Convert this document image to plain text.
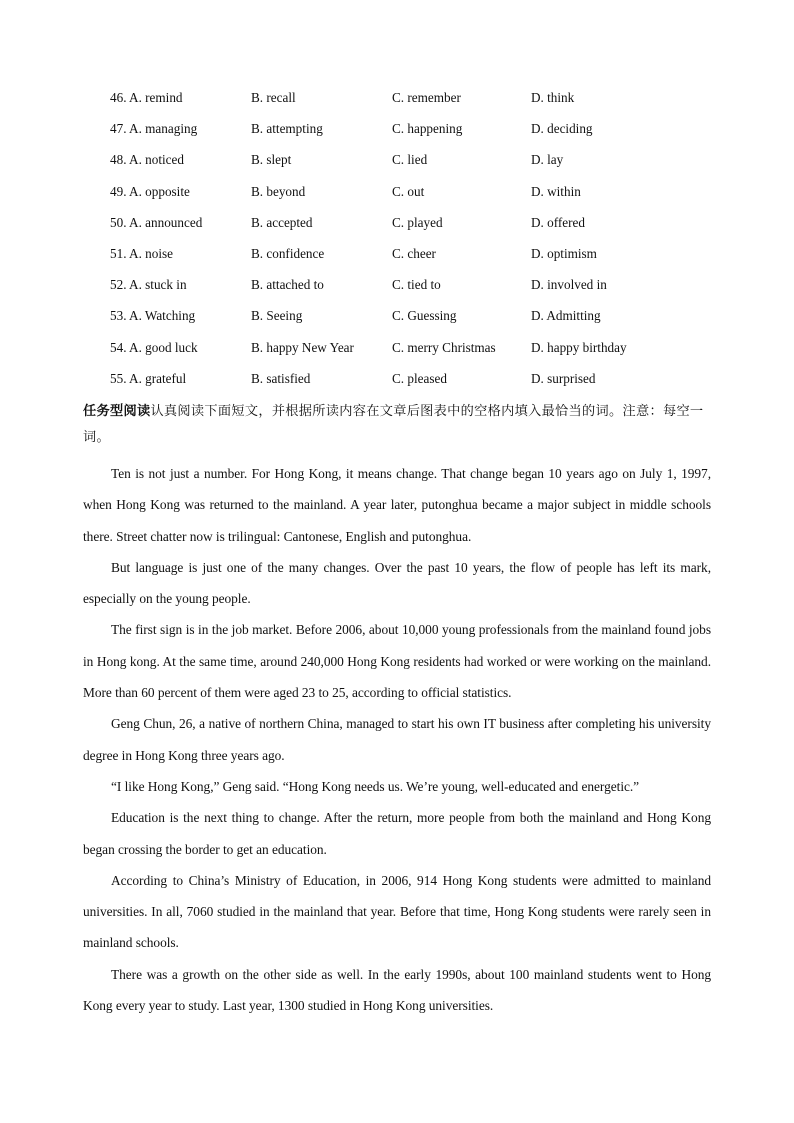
46. A. remind	B. recall	C. remember	D. think
47. A. managing	B. attempting	C. happening	D. deciding
48. A. noticed	B. slept	C. lied	D. lay
49. A. opposite	B. beyond	C. out	D. within
50. A. announced	B. accepted	C. played	D. offered
51. A. noise	B. confidence	C. cheer	D. optimism
52. A. stuck in	B. attached to	C. tied to	D. involved in
53. A. Watching	B. Seeing	C. Guessing	D. Admitting
54. A. good luck	B. happy New Year	C. merry Christmas	D. happy birthday
55. A. grateful	B. satisfied	C. pleased	D. surprised
任务型阅读认真阅读下面短文，并根据所读内容在文章后图表中的空格内填入最恰当的词。注意：每空一词。

Ten is not just a number. For Hong Kong, it means change. That change began 10 years ago on July 1, 1997, when Hong Kong was returned to the mainland. A year later, putonghua became a major subject in middle schools there. Street chatter now is trilingual: Cantonese, English and putonghua.

But language is just one of the many changes. Over the past 10 years, the flow of people has left its mark, especially on the young people.

The first sign is in the job market. Before 2006, about 10,000 young professionals from the mainland found jobs in Hong kong. At the same time, around 240,000 Hong Kong residents had worked or were working on the mainland. More than 60 percent of them were aged 23 to 25, according to official statistics.

Geng Chun, 26, a native of northern China, managed to start his own IT business after completing his university degree in Hong Kong three years ago.

“I like Hong Kong,” Geng said. “Hong Kong needs us. We’re young, well-educated and energetic.”

Education is the next thing to change. After the return, more people from both the mainland and Hong Kong began crossing the border to get an education.

According to China’s Ministry of Education, in 2006, 914 Hong Kong students were admitted to mainland universities. In all, 7060 studied in the mainland that year. Before that time, Hong Kong students were rarely seen in mainland schools.

There was a growth on the other side as well. In the early 1990s, about 100 mainland students went to Hong Kong every year to study. Last year, 1300 studied in Hong Kong universities.
